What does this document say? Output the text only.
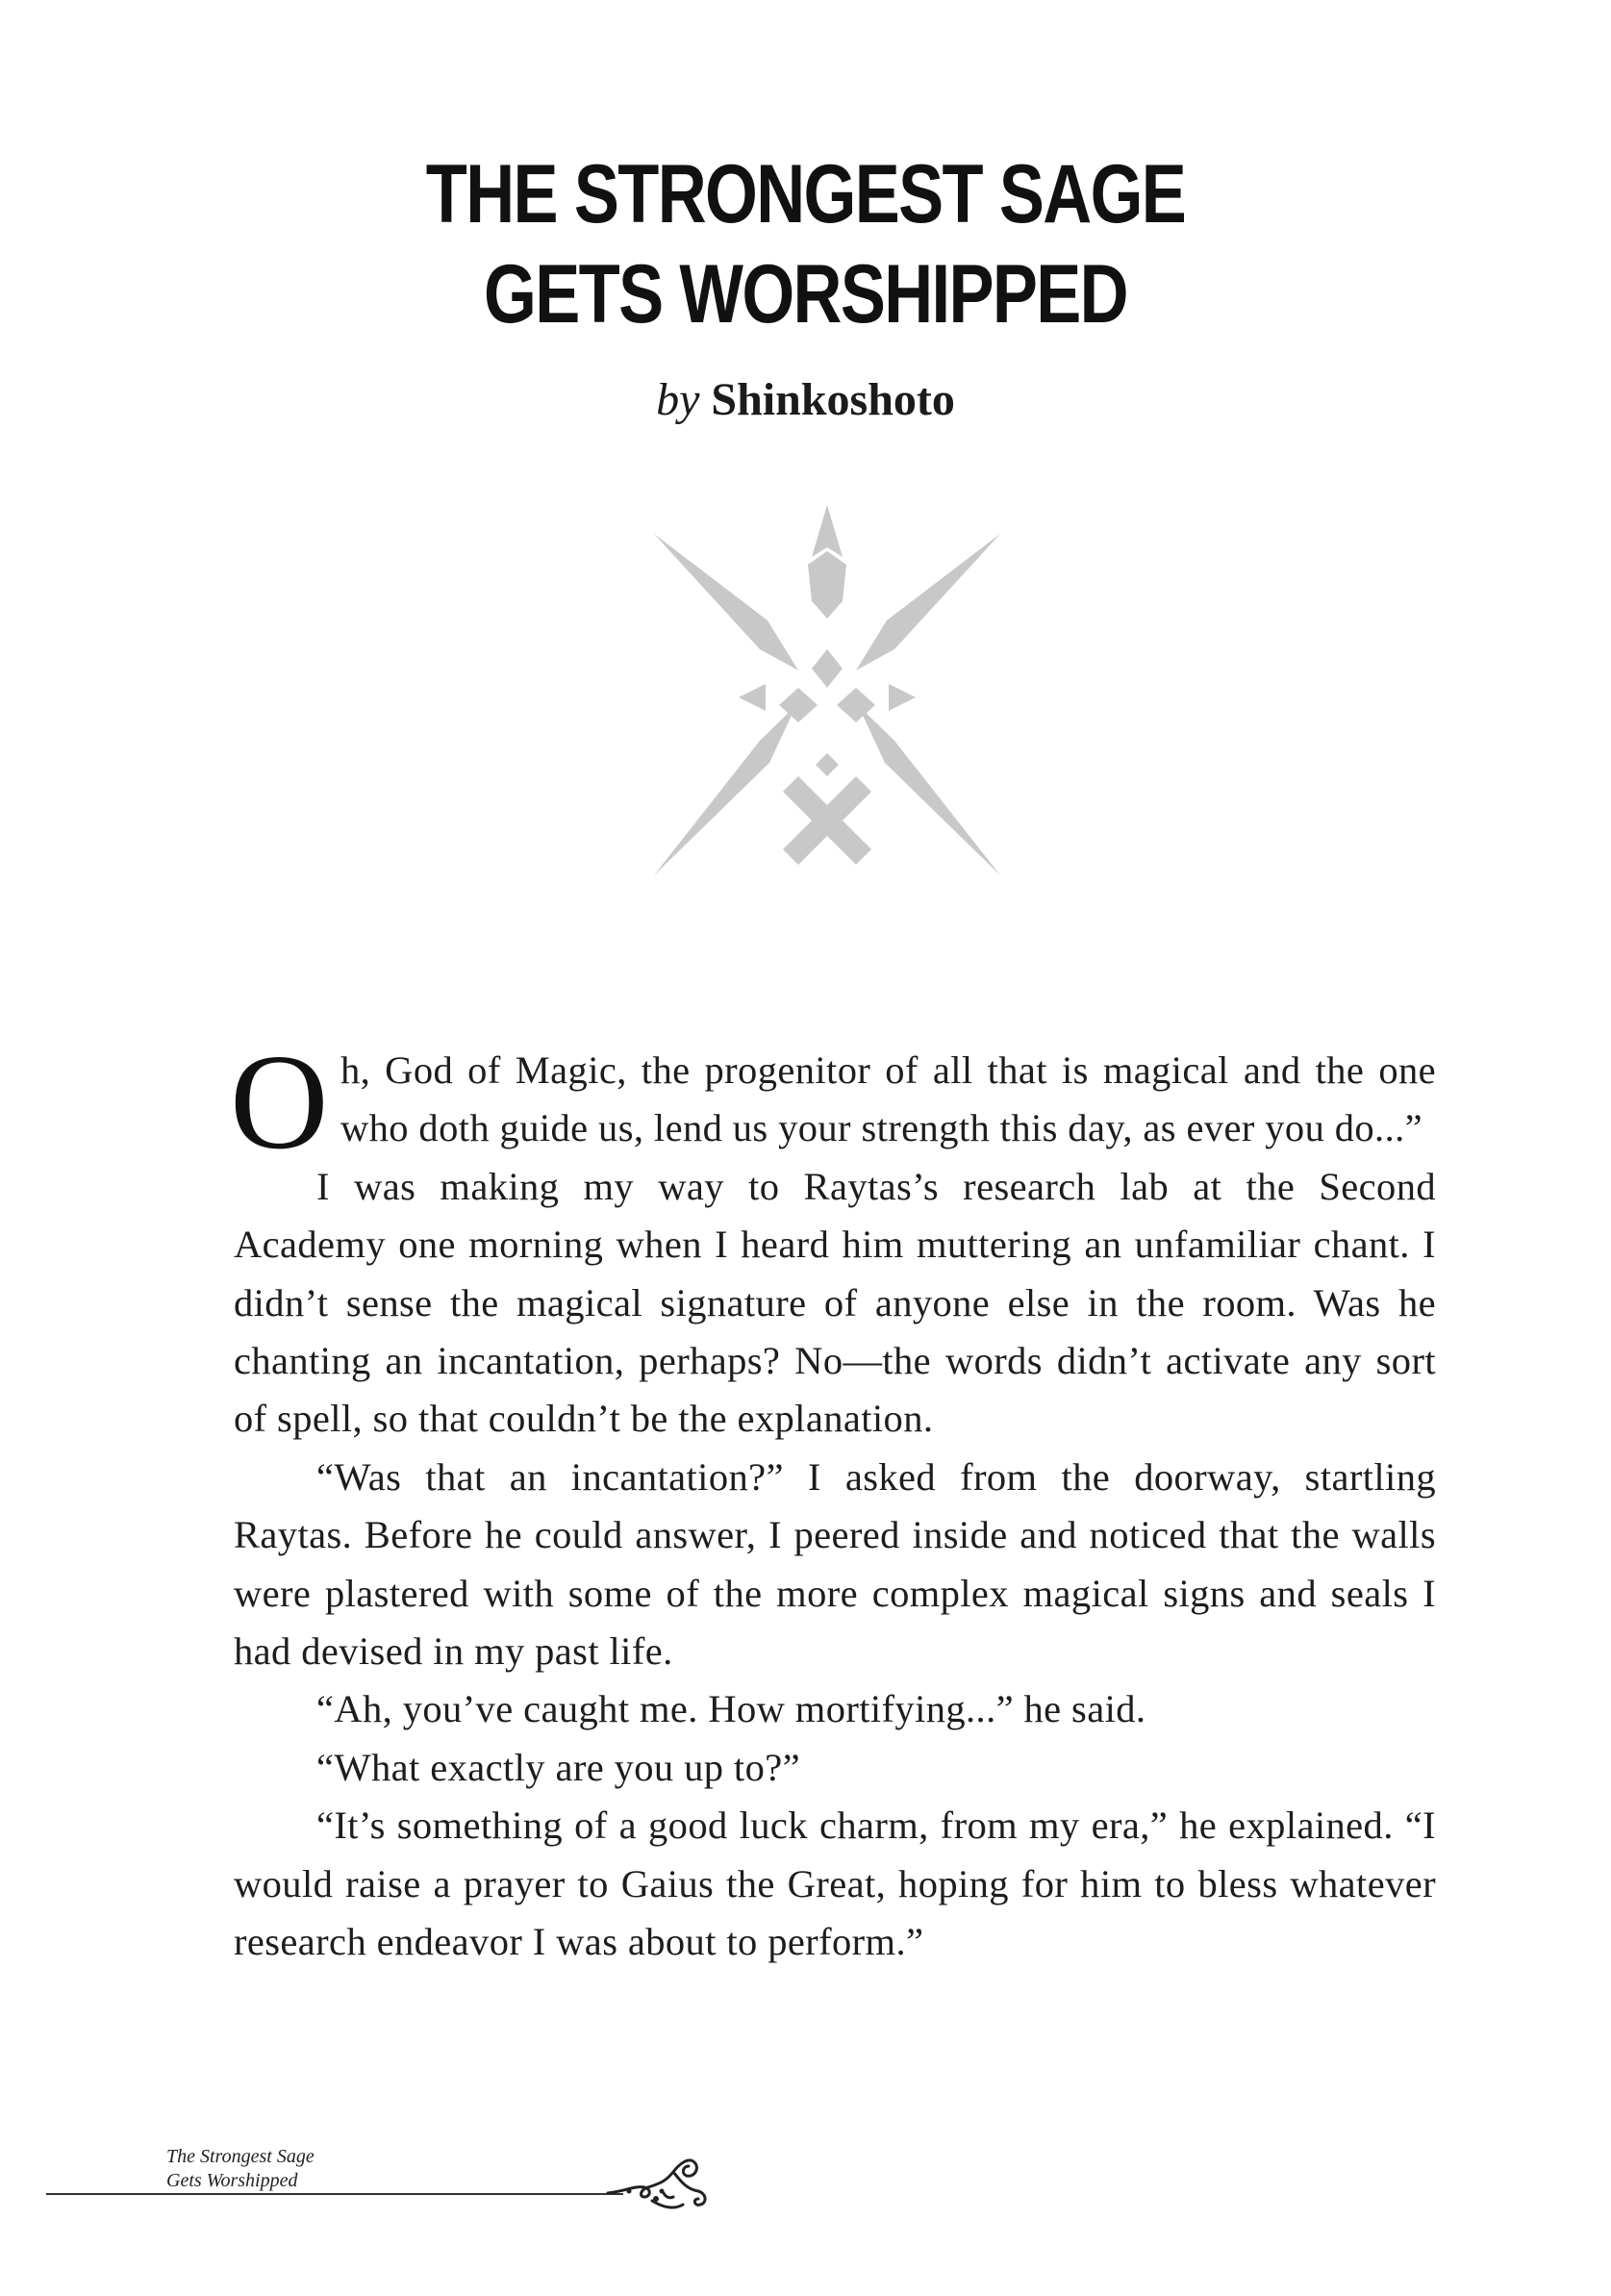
THE STRONGEST SAGE
GETS WORSHIPPED
by Shinkoshoto

Oh, God of Magic, the progenitor of all that is magical and the one who doth guide us, lend us your strength this day, as ever you do...”

I was making my way to Raytas’s research lab at the Second Academy one morning when I heard him muttering an unfamiliar chant. I didn’t sense the magical signature of anyone else in the room. Was he chanting an incantation, perhaps? No—the words didn’t activate any sort of spell, so that couldn’t be the explanation.

“Was that an incantation?” I asked from the doorway, startling Raytas. Before he could answer, I peered inside and noticed that the walls were plastered with some of the more complex magical signs and seals I had devised in my past life.

“Ah, you’ve caught me. How mortifying...” he said.

“What exactly are you up to?”

“It’s something of a good luck charm, from my era,” he explained. “I would raise a prayer to Gaius the Great, hoping for him to bless whatever research endeavor I was about to perform.”

The Strongest Sage
Gets Worshipped
